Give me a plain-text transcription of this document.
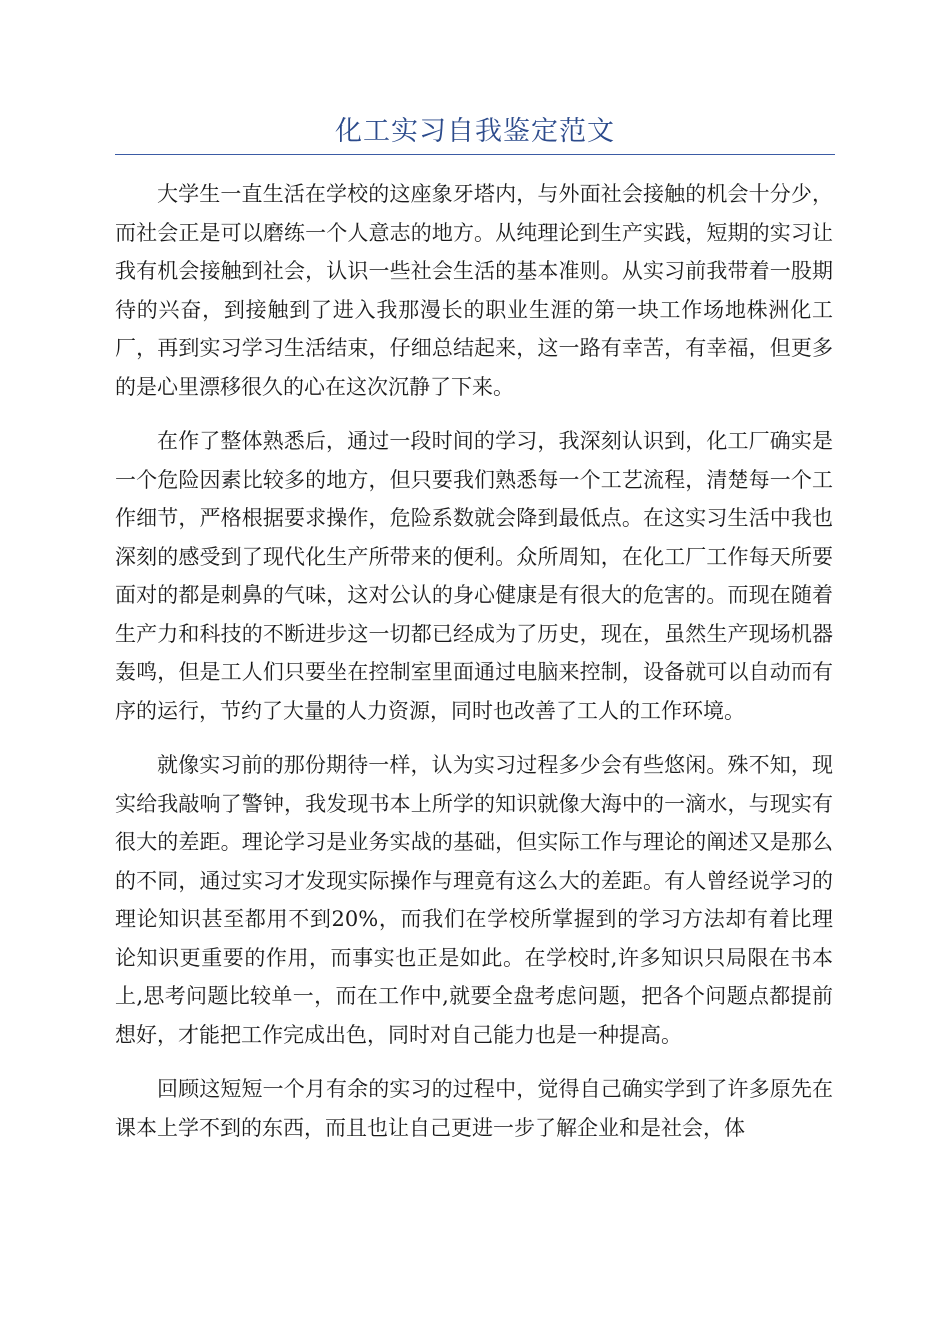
化工实习自我鉴定范文

大学生一直生活在学校的这座象牙塔内，与外面社会接触的机会十分少，而社会正是可以磨练一个人意志的地方。从纯理论到生产实践，短期的实习让我有机会接触到社会，认识一些社会生活的基本准则。从实习前我带着一股期待的兴奋，到接触到了进入我那漫长的职业生涯的第一块工作场地株洲化工厂，再到实习学习生活结束，仔细总结起来，这一路有幸苦，有幸福，但更多的是心里漂移很久的心在这次沉静了下来。

在作了整体熟悉后，通过一段时间的学习，我深刻认识到，化工厂确实是一个危险因素比较多的地方，但只要我们熟悉每一个工艺流程，清楚每一个工作细节，严格根据要求操作，危险系数就会降到最低点。在这实习生活中我也深刻的感受到了现代化生产所带来的便利。众所周知，在化工厂工作每天所要面对的都是刺鼻的气味，这对公认的身心健康是有很大的危害的。而现在随着生产力和科技的不断进步这一切都已经成为了历史，现在，虽然生产现场机器轰鸣，但是工人们只要坐在控制室里面通过电脑来控制，设备就可以自动而有序的运行，节约了大量的人力资源，同时也改善了工人的工作环境。

就像实习前的那份期待一样，认为实习过程多少会有些悠闲。殊不知，现实给我敲响了警钟，我发现书本上所学的知识就像大海中的一滴水，与现实有很大的差距。理论学习是业务实战的基础，但实际工作与理论的阐述又是那么的不同，通过实习才发现实际操作与理竟有这么大的差距。有人曾经说学习的理论知识甚至都用不到20%，而我们在学校所掌握到的学习方法却有着比理论知识更重要的作用，而事实也正是如此。在学校时,许多知识只局限在书本上,思考问题比较单一，而在工作中,就要全盘考虑问题，把各个问题点都提前想好，才能把工作完成出色，同时对自己能力也是一种提高。

回顾这短短一个月有余的实习的过程中，觉得自己确实学到了许多原先在课本上学不到的东西，而且也让自己更进一步了解企业和是社会，体
